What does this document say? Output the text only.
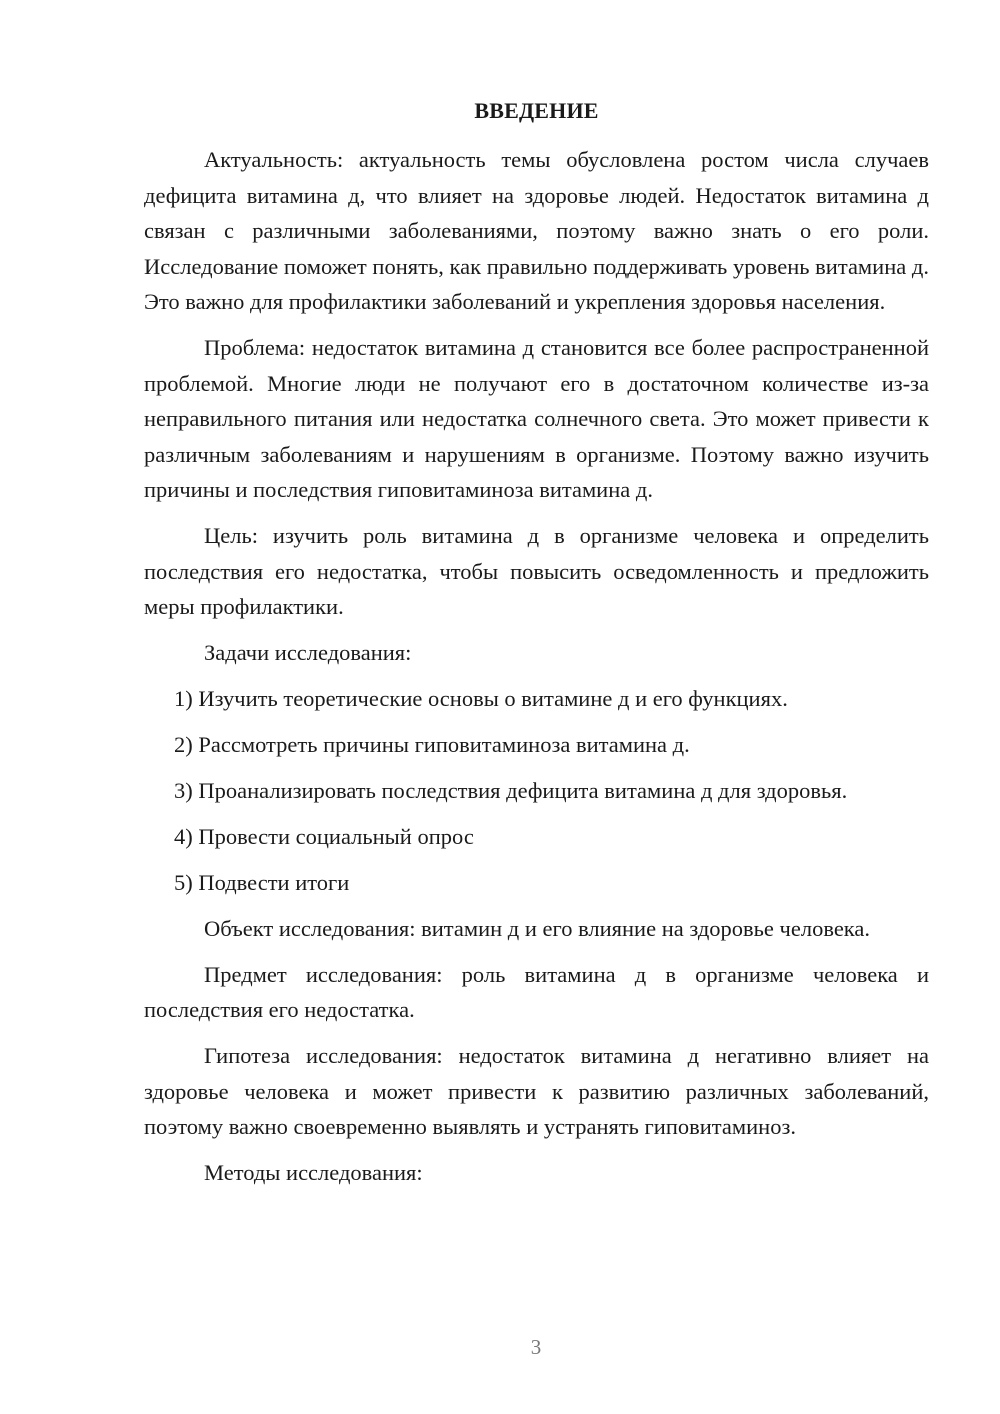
ВВЕДЕНИЕ

Актуальность: актуальность темы обусловлена ростом числа случаев дефицита витамина д, что влияет на здоровье людей. Недостаток витамина д связан с различными заболеваниями, поэтому важно знать о его роли. Исследование поможет понять, как правильно поддерживать уровень витамина д. Это важно для профилактики заболеваний и укрепления здоровья населения.

Проблема: недостаток витамина д становится все более распространенной проблемой. Многие люди не получают его в достаточном количестве из-за неправильного питания или недостатка солнечного света. Это может привести к различным заболеваниям и нарушениям в организме. Поэтому важно изучить причины и последствия гиповитаминоза витамина д.

Цель: изучить роль витамина д в организме человека и определить последствия его недостатка, чтобы повысить осведомленность и предложить меры профилактики.

Задачи исследования:

1) Изучить теоретические основы о витамине д и его функциях.
2) Рассмотреть причины гиповитаминоза витамина д.
3) Проанализировать последствия дефицита витамина д для здоровья.
4) Провести социальный опрос
5) Подвести итоги

Объект исследования: витамин д и его влияние на здоровье человека.

Предмет исследования: роль витамина д в организме человека и последствия его недостатка.

Гипотеза исследования: недостаток витамина д негативно влияет на здоровье человека и может привести к развитию различных заболеваний, поэтому важно своевременно выявлять и устранять гиповитаминоз.

Методы исследования:

3
